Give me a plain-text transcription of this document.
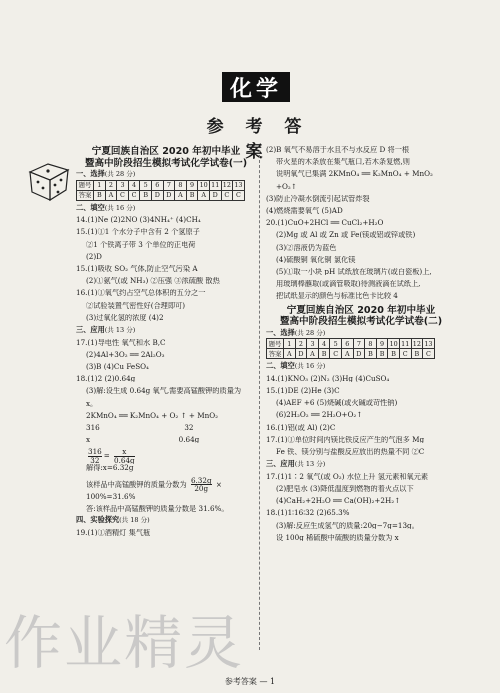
化学
参 考 答 案
宁夏回族自治区 2020 年初中毕业
暨高中阶段招生模拟考试化学试卷(一)
一、选择(共 28 分)
题号	1	2	3	4	5	6	7	8	9	10	11	12	13
答案	B	A	C	C	B	D	D	A	B	A	D	C	C
二、填空(共 16 分)

14.(1)Ne (2)2NO (3)4NH₄⁺ (4)C̄H₄

15.(1)①1 个水分子中含有 2 个氢原子

②1 个铁离子带 3 个单位的正电荷

(2)D

15.(1)吸收 SO₂ 气体,防止空气污染 A

(2)①氨气(或 NH₃) ②压强 ③浓硫酸 散热

16.(1)①氧气约占空气总体积的五分之一

②试验装置气密性好(合理即可)

(3)过氧化氢的浓度 (4)2

三、应用(共 13 分)

17.(1)导电性 氧气和水 B,C

(2)4Al+3O₂ ══ 2Al₂O₃

(3)B (4)Cu FeSO₄

18.(1)2 (2)0.64g

(3)解:设生成 0.64g 氧气,需要高锰酸钾的质量为

x。

2KMnO₄ ══ K₂MnO₄ + O₂ ↑ + MnO₂

316	32
x	0.64g
$\frac{316}{32} = \frac{x}{0.64g}$

解得:x=6.32g

该样品中高锰酸钾的质量分数为 $\frac{6.32g}{20g}$ ×

100%=31.6%

答:该样品中高锰酸钾的质量分数是 31.6%。

四、实验探究(共 18 分)

19.(1)①酒精灯 集气瓶

(2)B 氧气不易溶于水且不与水反应 D 将一根

带火星的木条放在集气瓶口,若木条复燃,则

说明氧气已集满 2KMnO₄ ══ K₂MnO₄ + MnO₂

+O₂↑

(3)防止冷凝水倒流引起试管炸裂

(4)燃烧需要氧气 (5)AD

20.(1)CuO+2HCl ══ CuCl₂+H₂O

(2)Mg 或 Al 或 Zn 或 Fe(镁或铝或锌或铁)

(3)②溶液仍为蓝色

(4)硫酸铜 氧化铜 氯化镁

(5)①取一小块 pH 试纸放在玻璃片(或白瓷板)上,

用玻璃棒蘸取(或滴管吸取)待测液滴在试纸上,

把试纸显示的颜色与标准比色卡比较 4

宁夏回族自治区 2020 年初中毕业
暨高中阶段招生模拟考试化学试卷(二)
一、选择(共 28 分)
题号	1	2	3	4	5	6	7	8	9	10	11	12	13
答案	A	D	A	B	C	A	D	B	B	B	C	B	C
二、填空(共 16 分)

14.(1)KNO₃ (2)N₂ (3)Hg (4)CuSO₄

15.(1)DE (2)He (3)C

(4)AEF +6 (5)烧碱(或火碱或苛性钠)

(6)2H₂O₂ ══ 2H₂O+O₂↑

16.(1)铝(或 Al) (2)C

17.(1)①单位时间内镁比铁反应产生的气泡多 Mg

Fe 铁、镁分别与盐酸反应放出的热量不同 ②C

三、应用(共 13 分)

17.(1)1∶2 氧气(或 O₂) 水位上升 氢元素和氧元素

(2)肥皂水 (3)降低温度到燃物的着火点以下

(4)CaH₂+2H₂O ══ Ca(OH)₂+2H₂↑

18.(1)1∶16∶32 (2)65.3%

(3)解:反应生成氢气的质量:20g−7g=13g。

设 100g 稀硫酸中硫酸的质量分数为 x

作业精灵
参考答案 — 1
